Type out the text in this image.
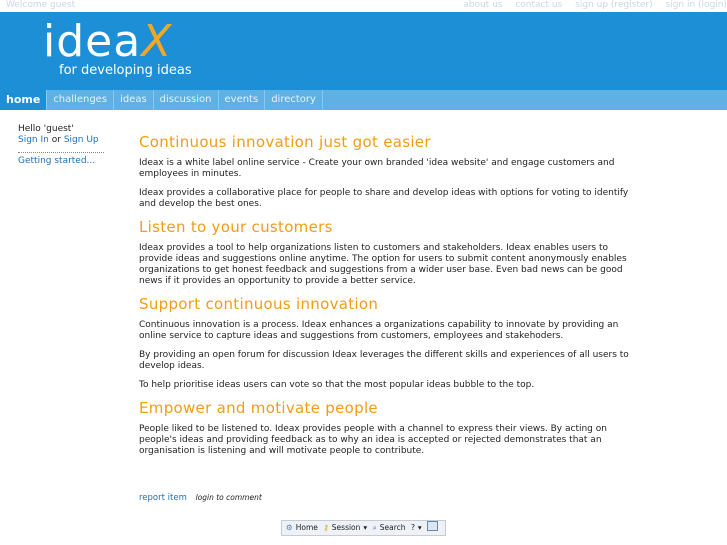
Welcome guest	about us contact us sign up (register) sign in (login)
ideaX
for developing ideas
home	challenges	ideas	discussion	events	directory
Hello 'guest'
Sign In or Sign Up
Getting started...
Continuous innovation just got easier

Ideax is a white label online service - Create your own branded 'idea website' and engage customers and employees in minutes.

Ideax provides a collaborative place for people to share and develop ideas with options for voting to identify and develop the best ones.

Listen to your customers

Ideax provides a tool to help organizations listen to customers and stakeholders. Ideax enables users to provide ideas and suggestions online anytime. The option for users to submit content anonymously enables organizations to get honest feedback and suggestions from a wider user base. Even bad news can be good news if it provides an opportunity to provide a better service.

Support continuous innovation

Continuous innovation is a process. Ideax enhances a organizations capability to innovate by providing an online service to capture ideas and suggestions from customers, employees and stakehoders.

By providing an open forum for discussion Ideax leverages the different skills and experiences of all users to develop ideas.

To help prioritise ideas users can vote so that the most popular ideas bubble to the top.

Empower and motivate people

People liked to be listened to. Ideax provides people with a channel to express their views. By acting on people's ideas and providing feedback as to why an idea is accepted or rejected demonstrates that an organisation is listening and will motivate people to contribute.

report item login to comment
⚙ Home ⚷ Session ▾ ⌕ Search ? ▾
